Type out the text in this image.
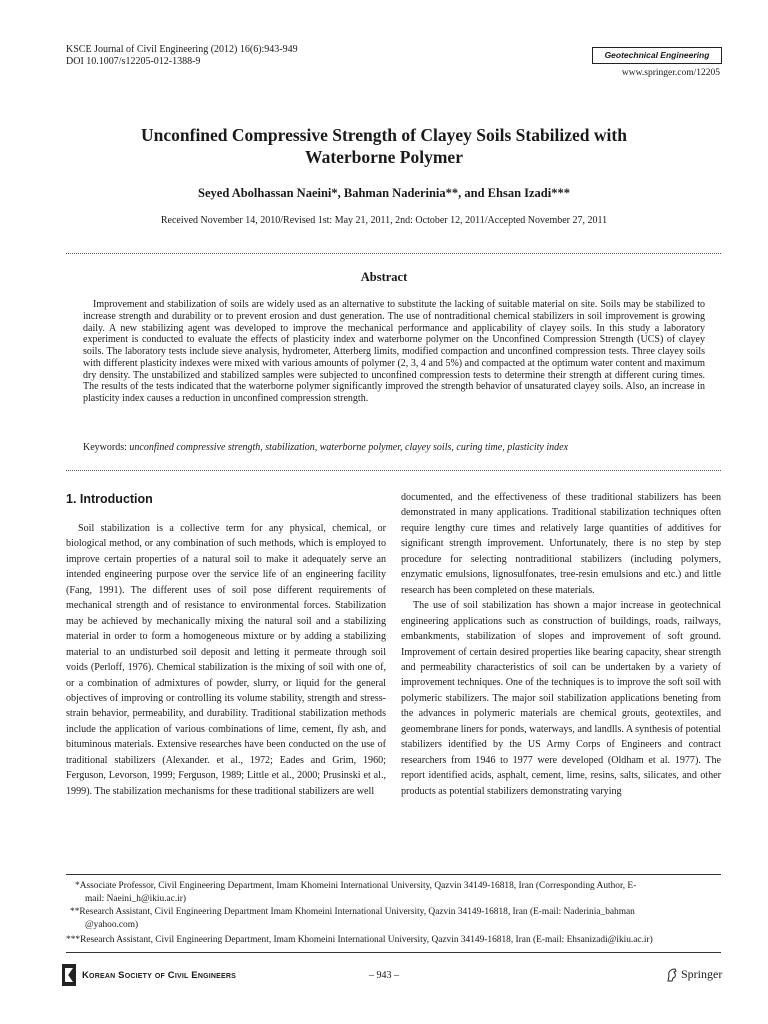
KSCE Journal of Civil Engineering (2012) 16(6):943-949
DOI 10.1007/s12205-012-1388-9
Geotechnical Engineering
www.springer.com/12205
Unconfined Compressive Strength of Clayey Soils Stabilized with
Waterborne Polymer
Seyed Abolhassan Naeini*, Bahman Naderinia**, and Ehsan Izadi***
Received November 14, 2010/Revised 1st: May 21, 2011, 2nd: October 12, 2011/Accepted November 27, 2011
Abstract
Improvement and stabilization of soils are widely used as an alternative to substitute the lacking of suitable material on site. Soils may be stabilized to increase strength and durability or to prevent erosion and dust generation. The use of nontraditional chemical stabilizers in soil improvement is growing daily. A new stabilizing agent was developed to improve the mechanical performance and applicability of clayey soils. In this study a laboratory experiment is conducted to evaluate the effects of plasticity index and waterborne polymer on the Unconfined Compression Strength (UCS) of clayey soils. The laboratory tests include sieve analysis, hydrometer, Atterberg limits, modified compaction and unconfined compression tests. Three clayey soils with different plasticity indexes were mixed with various amounts of polymer (2, 3, 4 and 5%) and compacted at the optimum water content and maximum dry density. The unstabilized and stabilized samples were subjected to unconfined compression tests to determine their strength at different curing times. The results of the tests indicated that the waterborne polymer significantly improved the strength behavior of unsaturated clayey soils. Also, an increase in plasticity index causes a reduction in unconfined compression strength.
Keywords: unconfined compressive strength, stabilization, waterborne polymer, clayey soils, curing time, plasticity index
1. Introduction

Soil stabilization is a collective term for any physical, chemical, or biological method, or any combination of such methods, which is employed to improve certain properties of a natural soil to make it adequately serve an intended engineering purpose over the service life of an engineering facility (Fang, 1991). The different uses of soil pose different requirements of mechanical strength and of resistance to environmental forces. Stabilization may be achieved by mechanically mixing the natural soil and a stabilizing material in order to form a homogeneous mixture or by adding a stabilizing material to an undisturbed soil deposit and letting it permeate through soil voids (Perloff, 1976). Chemical stabilization is the mixing of soil with one of, or a combination of admixtures of powder, slurry, or liquid for the general objectives of improving or controlling its volume stability, strength and stress-strain behavior, permeability, and durability. Traditional stabilization methods include the application of various combinations of lime, cement, fly ash, and bituminous materials. Extensive researches have been conducted on the use of traditional stabilizers (Alexander. et al., 1972; Eades and Grim, 1960; Ferguson, Levorson, 1999; Ferguson, 1989; Little et al., 2000; Prusinski et al., 1999). The stabilization mechanisms for these traditional stabilizers are well

documented, and the effectiveness of these traditional stabilizers has been demonstrated in many applications. Traditional stabilization techniques often require lengthy cure times and relatively large quantities of additives for significant strength improvement. Unfortunately, there is no step by step procedure for selecting nontraditional stabilizers (including polymers, enzymatic emulsions, lignosulfonates, tree-resin emulsions and etc.) and little research has been completed on these materials.

The use of soil stabilization has shown a major increase in geotechnical engineering applications such as construction of buildings, roads, railways, embankments, stabilization of slopes and improvement of soft ground. Improvement of certain desired properties like bearing capacity, shear strength and permeability characteristics of soil can be undertaken by a variety of improvement techniques. One of the techniques is to improve the soft soil with polymeric stabilizers. The major soil stabilization applications beneting from the advances in polymeric materials are chemical grouts, geotextiles, and geomembrane liners for ponds, waterways, and landlls. A synthesis of potential stabilizers identified by the US Army Corps of Engineers and contract researchers from 1946 to 1977 were developed (Oldham et al. 1977). The report identified acids, asphalt, cement, lime, resins, salts, silicates, and other products as potential stabilizers demonstrating varying

*Associate Professor, Civil Engineering Department, Imam Khomeini International University, Qazvin 34149-16818, Iran (Corresponding Author, E-
mail: Naeini_h@ikiu.ac.ir)
**Research Assistant, Civil Engineering Department Imam Khomeini International University, Qazvin 34149-16818, Iran (E-mail: Naderinia_bahman
@yahoo.com)
***Research Assistant, Civil Engineering Department, Imam Khomeini International University, Qazvin 34149-16818, Iran (E-mail: Ehsanizadi@ikiu.ac.ir)
Korean Society of Civil Engineers	– 943 –	Springer
